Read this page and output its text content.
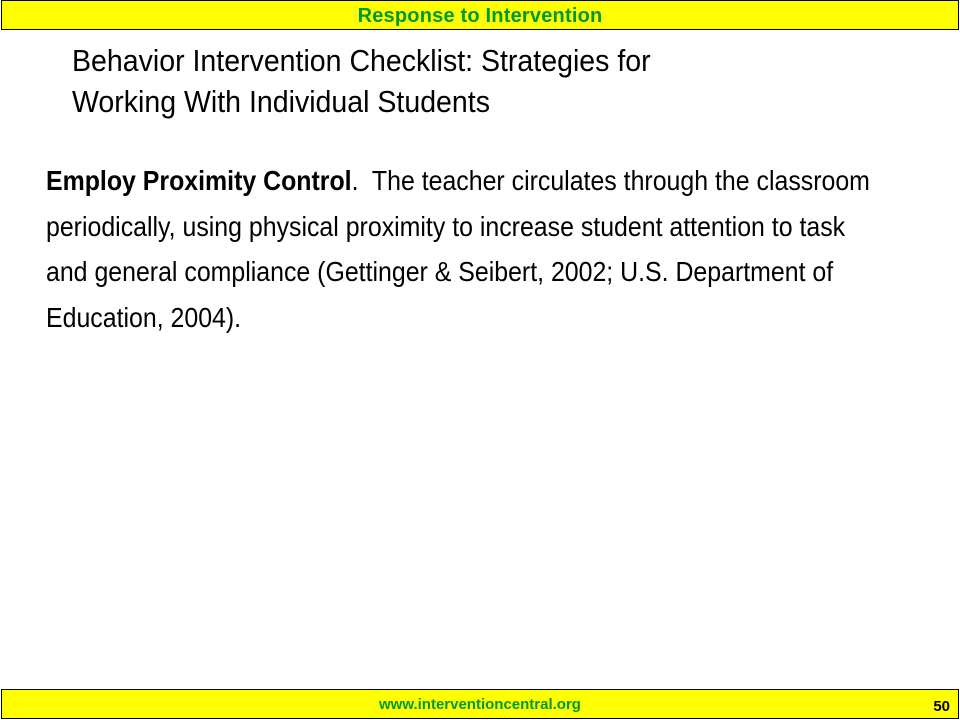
Response to Intervention
Behavior Intervention Checklist: Strategies for
Working With Individual Students
Employ Proximity Control. The teacher circulates through the classroom periodically, using physical proximity to increase student attention to task and general compliance (Gettinger & Seibert, 2002; U.S. Department of Education, 2004).
www.interventioncentral.org	50
